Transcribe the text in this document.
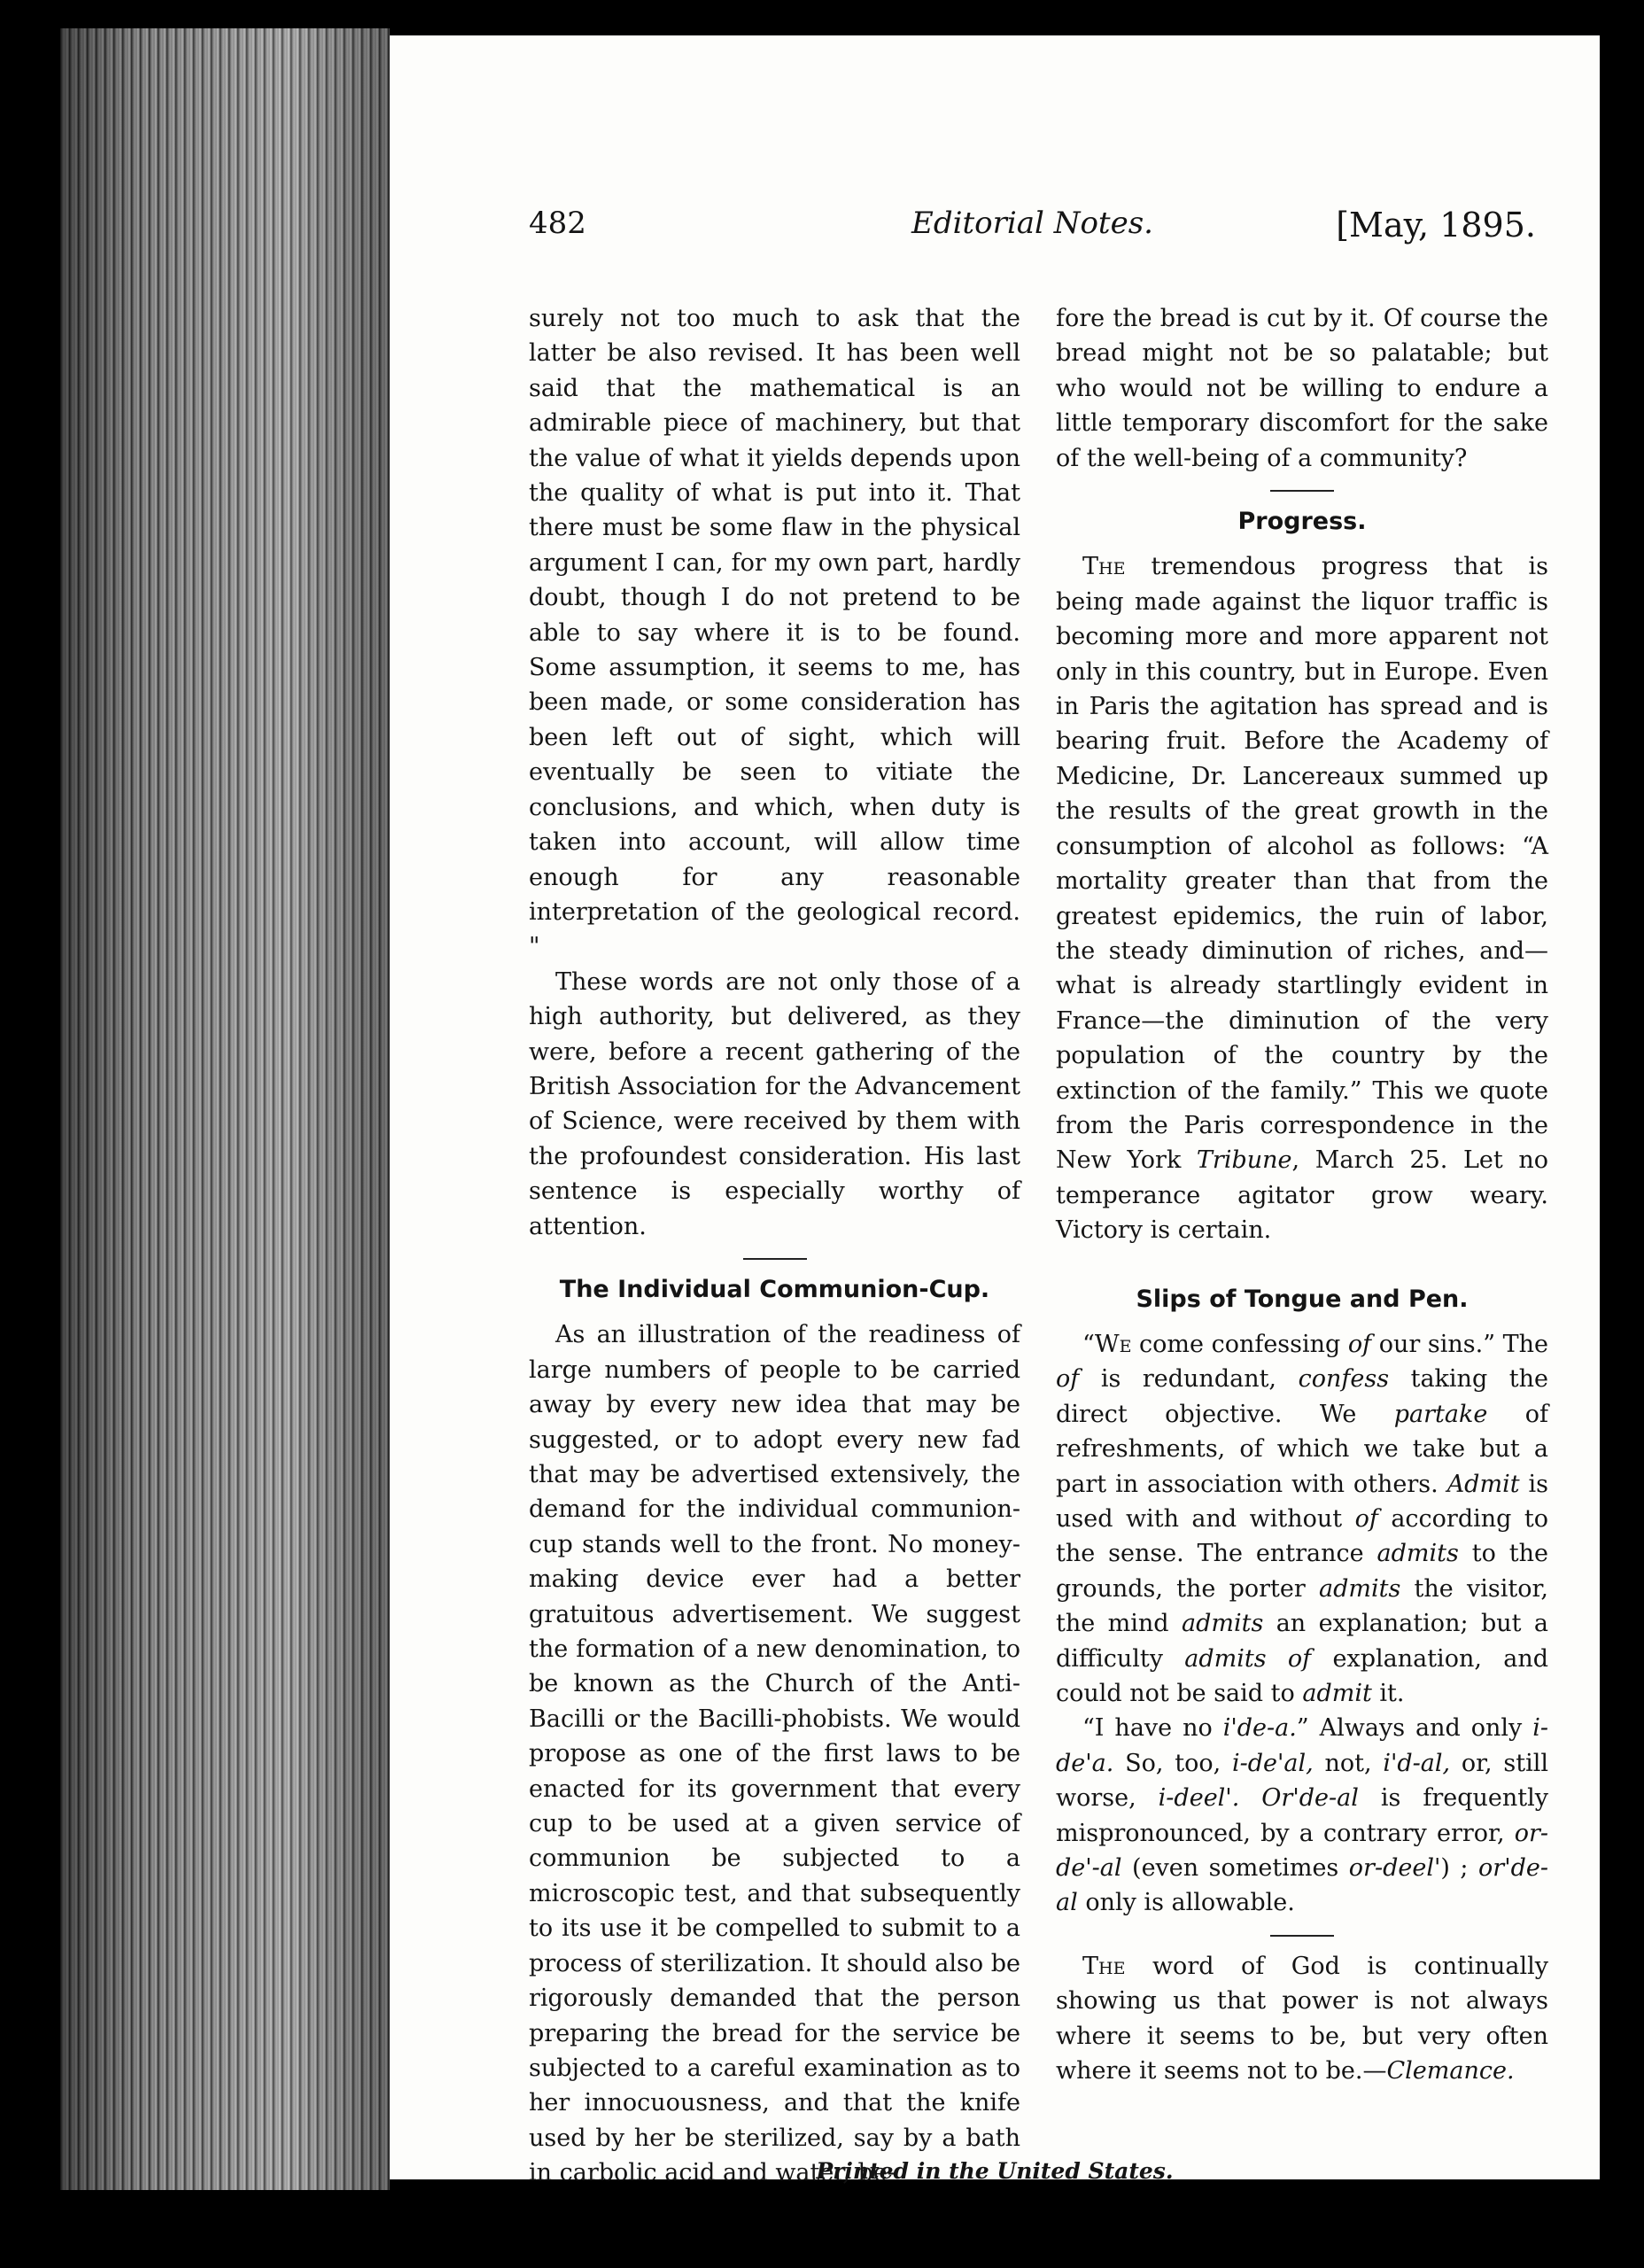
482	Editorial Notes.	[May, 1895.

surely not too much to ask that the latter be also revised. It has been well said that the mathematical is an admirable piece of machinery, but that the value of what it yields depends upon the quality of what is put into it. That there must be some flaw in the physical argument I can, for my own part, hardly doubt, though I do not pretend to be able to say where it is to be found. Some assumption, it seems to me, has been made, or some consideration has been left out of sight, which will eventually be seen to vitiate the conclusions, and which, when duty is taken into account, will allow time enough for any reasonable interpretation of the geological record. "

These words are not only those of a high authority, but delivered, as they were, before a recent gathering of the British Association for the Advancement of Science, were received by them with the profoundest consideration. His last sentence is especially worthy of attention.

The Individual Communion-Cup.

As an illustration of the readiness of large numbers of people to be carried away by every new idea that may be suggested, or to adopt every new fad that may be advertised extensively, the demand for the individual communion-cup stands well to the front. No money-making device ever had a better gratuitous advertisement. We suggest the formation of a new denomination, to be known as the Church of the Anti-Bacilli or the Bacilli-phobists. We would propose as one of the first laws to be enacted for its government that every cup to be used at a given service of communion be subjected to a microscopic test, and that subsequently to its use it be compelled to submit to a process of sterilization. It should also be rigorously demanded that the person preparing the bread for the service be subjected to a careful examination as to her innocuousness, and that the knife used by her be sterilized, say by a bath in carbolic acid and water, be-

fore the bread is cut by it. Of course the bread might not be so palatable; but who would not be willing to endure a little temporary discomfort for the sake of the well-being of a community?

Progress.

The tremendous progress that is being made against the liquor traffic is becoming more and more apparent not only in this country, but in Europe. Even in Paris the agitation has spread and is bearing fruit. Before the Academy of Medicine, Dr. Lancereaux summed up the results of the great growth in the consumption of alcohol as follows: “A mortality greater than that from the greatest epidemics, the ruin of labor, the steady diminution of riches, and—what is already startlingly evident in France—the diminution of the very population of the country by the extinction of the family.” This we quote from the Paris correspondence in the New York Tribune, March 25. Let no temperance agitator grow weary. Victory is certain.

Slips of Tongue and Pen.

“We come confessing of our sins.” The of is redundant, confess taking the direct objective. We partake of refreshments, of which we take but a part in association with others. Admit is used with and without of according to the sense. The entrance admits to the grounds, the porter admits the visitor, the mind admits an explanation; but a difficulty admits of explanation, and could not be said to admit it.

“I have no i'de-a.” Always and only i-de'a. So, too, i-de'al, not, i'd-al, or, still worse, i-deel'. Or'de-al is frequently mispronounced, by a contrary error, or-de'-al (even sometimes or-deel') ; or'de-al only is allowable.

The word of God is continually showing us that power is not always where it seems to be, but very often where it seems not to be.—Clemance.

Printed in the United States.
